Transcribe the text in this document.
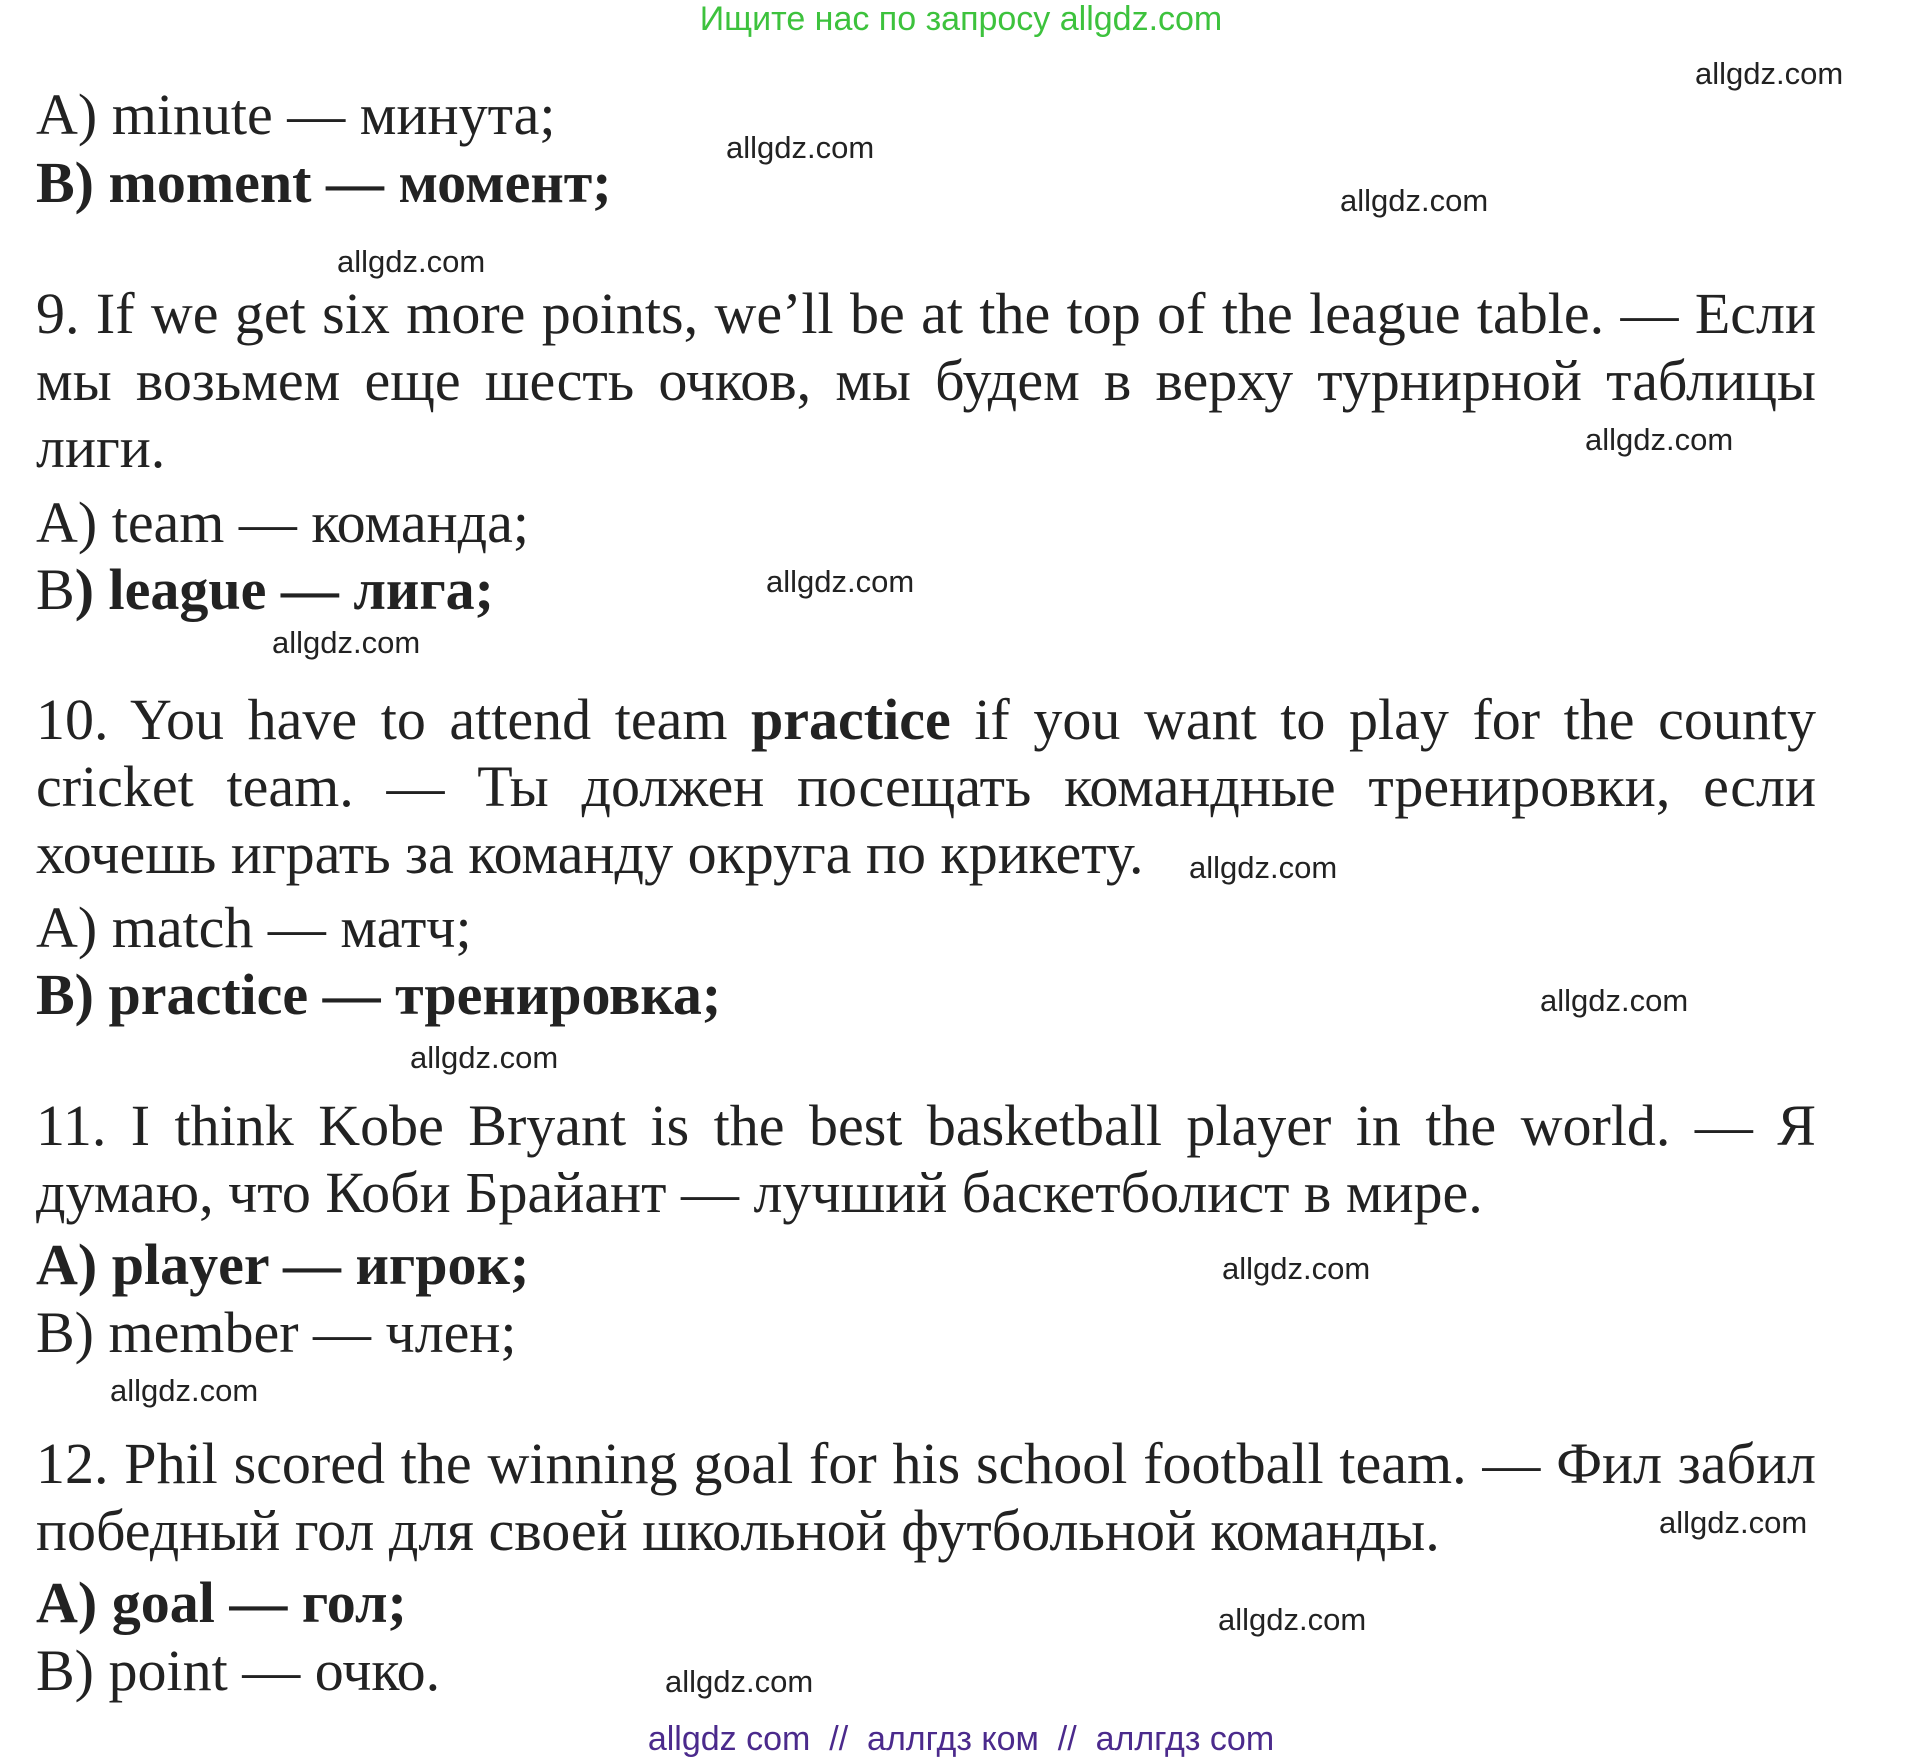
Ищите нас по запросу allgdz.com
A) minute — минута;
B) moment — момент;
9. If we get six more points, we’ll be at the top of the league table. — Если мы возьмем еще шесть очков, мы будем в верху турнирной таблицы лиги.
A) team — команда;
B) league — лига;
10. You have to attend team practice if you want to play for the county cricket team. — Ты должен посещать командные тренировки, если хочешь играть за команду округа по крикету.
A) match — матч;
B) practice — тренировка;
11. I think Kobe Bryant is the best basketball player in the world. — Я думаю, что Коби Брайант — лучший баскетболист в мире.
A) player — игрок;
B) member — член;
12. Phil scored the winning goal for his school football team. — Фил забил победный гол для своей школьной футбольной команды.
A) goal — гол;
B) point — очко.
allgdz.com
allgdz.com
allgdz.com
allgdz.com
allgdz.com
allgdz.com
allgdz.com
allgdz.com
allgdz.com
allgdz.com
allgdz.com
allgdz.com
allgdz.com
allgdz.com
allgdz.com
allgdz com  //  аллгдз ком  //  аллгдз com
